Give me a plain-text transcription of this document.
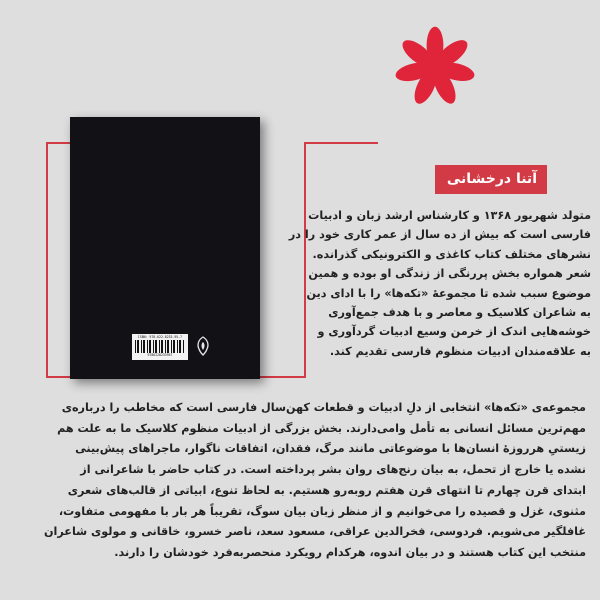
ISBN: 978-622-8233-95-7
9786228233957
آتنا درخشانی
متولد شهریور ۱۳۶۸ و کارشناس ارشد زبان و ادبیات
فارسی است که بیش از ده سال از عمر کاری خود را در
نشرهای مختلف کتاب کاغذی و الکترونیکی گذرانده.
شعر همواره بخش پررنگی از زندگی او بوده و همین
موضوع سبب شده تا مجموعهٔ «تکه‌ها» را با ادای دین
به شاعران کلاسیک و معاصر و با هدف جمع‌آوری
خوشه‌هایی اندک از خرمن وسیع ادبیات گردآوری و
به علاقه‌مندان ادبیات منظوم فارسی تقدیم کند.
مجموعه‌ی «تکه‌ها» انتخابی از دلِ ادبیات و قطعات کهن‌سال فارسی است که مخاطب را درباره‌ی
مهم‌ترین مسائل انسانی به تأمل وامی‌دارند. بخش بزرگی از ادبیات منظوم کلاسیک ما به علت هم
زیستیِ هرروزهٔ انسان‌ها با موضوعاتی مانند مرگ، فقدان، اتفاقات ناگوار، ماجراهای پیش‌بینی
نشده یا خارج از تحمل، به بیان رنج‌های روان بشر پرداخته است. در کتاب حاضر با شاعرانی از
ابتدای قرن چهارم تا انتهای قرن هفتم روبه‌رو هستیم. به لحاظ تنوع، ابیاتی از قالب‌های شعری
مثنوی، غزل و قصیده را می‌خوانیم و از منظر زبان بیان سوگ، تقریباً هر بار با مفهومی متفاوت،
غافلگیر می‌شویم. فردوسی، فخرالدین عراقی، مسعود سعد، ناصر خسرو، خاقانی و مولوی شاعران
منتخب این کتاب هستند و در بیان اندوه، هرکدام رویکرد منحصربه‌فرد خودشان را دارند.
